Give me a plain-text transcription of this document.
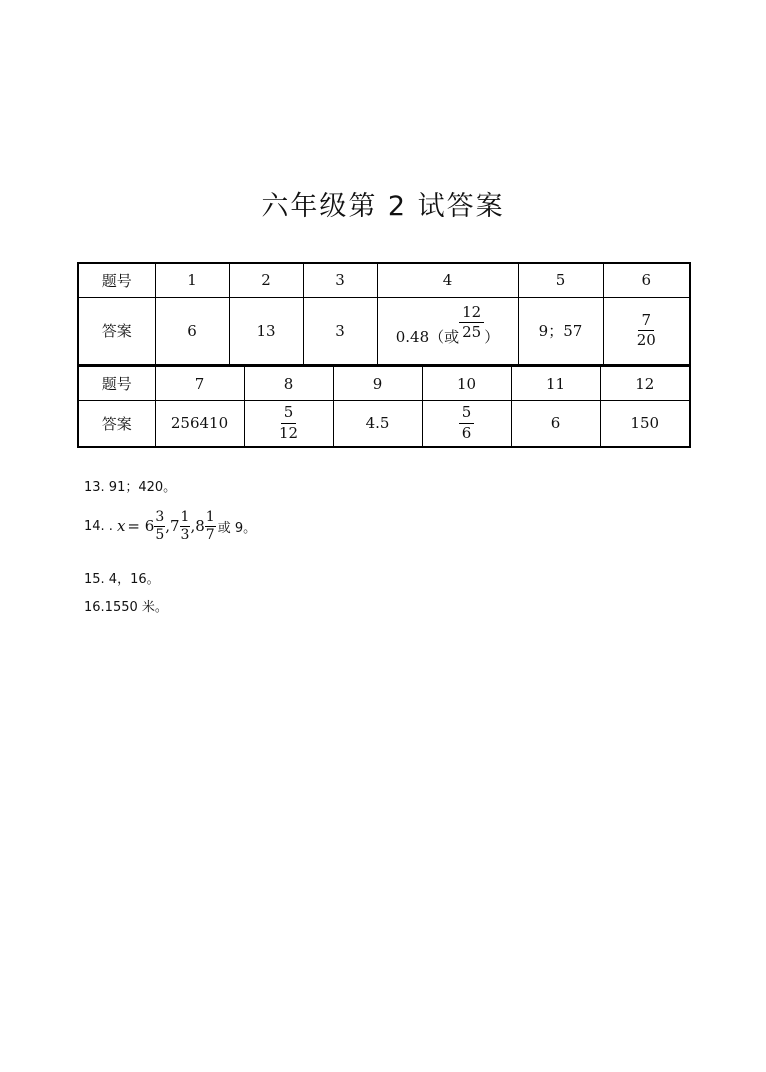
六年级第 2 试答案
题号	1	2	3	4	5	6
答案	6	13	3	0.48（或 $\frac{12}{25}$ ）	9；57	$\frac{7}{20}$
题号	7	8	9	10	11	12
答案	256410	$\frac{5}{12}$	4.5	$\frac{5}{6}$	6	150
13. 91；420。
14. . $x = 6 \frac{3}{5} ,7 \frac{1}{3} ,8 \frac{1}{7}$ 或 9。
15. 4，16。
16.1550 米。
